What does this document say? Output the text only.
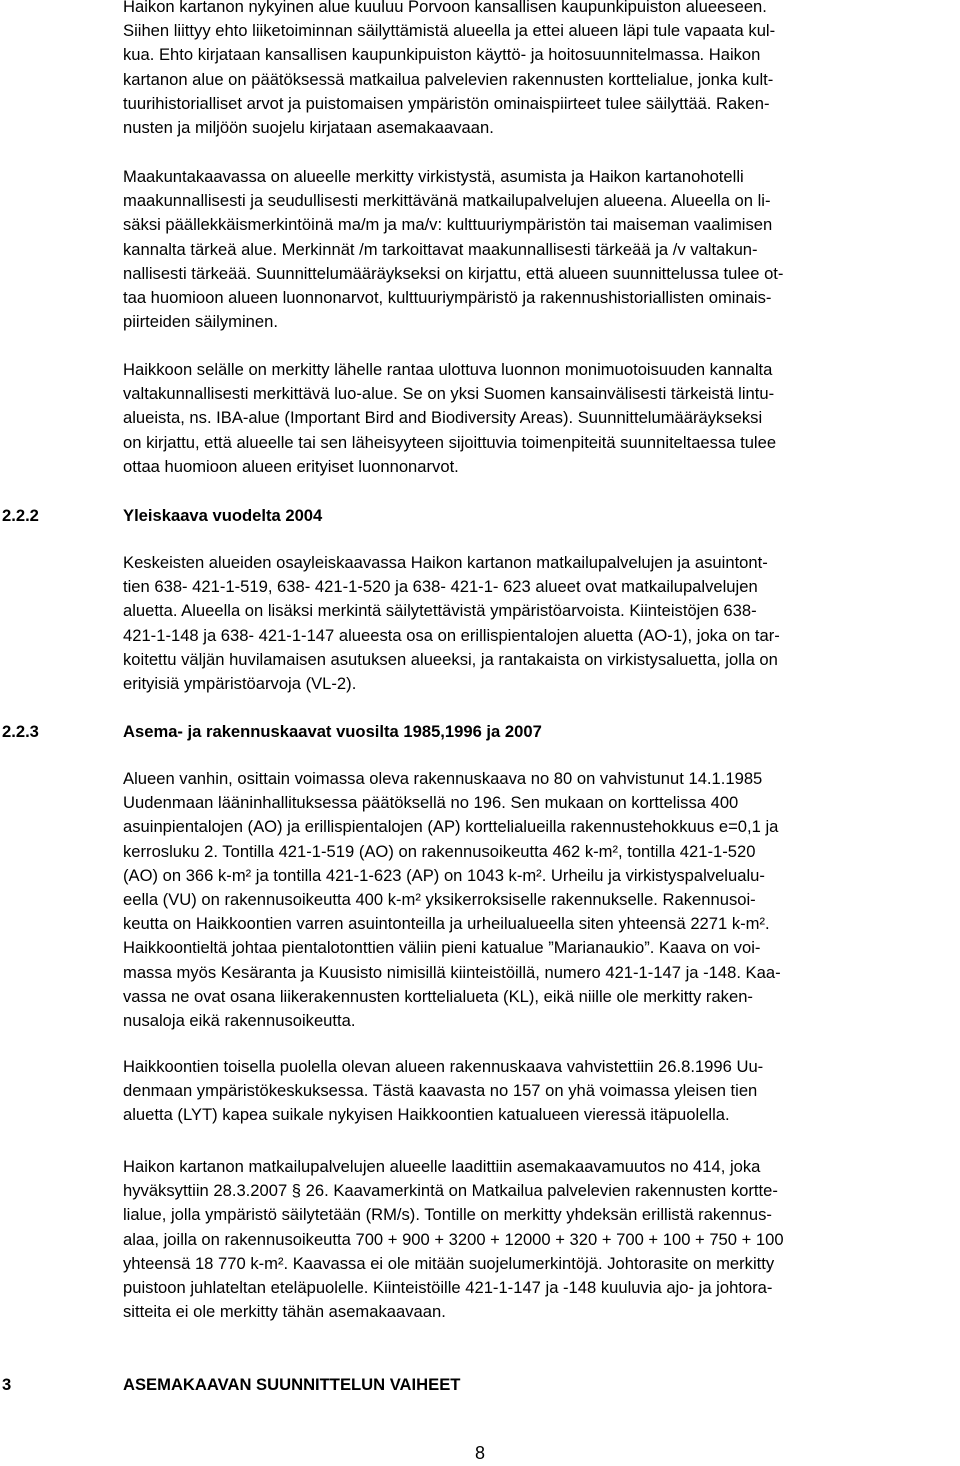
Haikon kartanon nykyinen alue kuuluu Porvoon kansallisen kaupunkipuiston alueeseen.
Siihen liittyy ehto liiketoiminnan säilyttämistä alueella ja ettei alueen läpi tule vapaata kul-
kua. Ehto kirjataan kansallisen kaupunkipuiston käyttö- ja hoitosuunnitelmassa. Haikon
kartanon alue on päätöksessä matkailua palvelevien rakennusten korttelialue, jonka kult-
tuurihistorialliset arvot ja puistomaisen ympäristön ominaispiirteet tulee säilyttää. Raken-
nusten ja miljöön suojelu kirjataan asemakaavaan.
Maakuntakaavassa on alueelle merkitty virkistystä, asumista ja Haikon kartanohotelli
maakunnallisesti ja seudullisesti merkittävänä matkailupalvelujen alueena. Alueella on li-
säksi päällekkäismerkintöinä ma/m ja ma/v: kulttuuriympäristön tai maiseman vaalimisen
kannalta tärkeä alue. Merkinnät /m tarkoittavat maakunnallisesti tärkeää ja /v valtakun-
nallisesti tärkeää. Suunnittelumääräykseksi on kirjattu, että alueen suunnittelussa tulee ot-
taa huomioon alueen luonnonarvot, kulttuuriympäristö ja rakennushistoriallisten ominais-
piirteiden säilyminen.
Haikkoon selälle on merkitty lähelle rantaa ulottuva luonnon monimuotoisuuden kannalta
valtakunnallisesti merkittävä luo-alue. Se on yksi Suomen kansainvälisesti tärkeistä lintu-
alueista, ns. IBA-alue (Important Bird and Biodiversity Areas). Suunnittelumääräykseksi
on kirjattu, että alueelle tai sen läheisyyteen sijoittuvia toimenpiteitä suunniteltaessa tulee
ottaa huomioon alueen erityiset luonnonarvot.
2.2.2	Yleiskaava vuodelta 2004
Keskeisten alueiden osayleiskaavassa Haikon kartanon matkailupalvelujen ja asuintont-
tien 638- 421-1-519, 638- 421-1-520 ja 638- 421-1- 623 alueet ovat matkailupalvelujen
aluetta. Alueella on lisäksi merkintä säilytettävistä ympäristöarvoista. Kiinteistöjen 638-
421-1-148 ja 638- 421-1-147 alueesta osa on erillispientalojen aluetta (AO-1), joka on tar-
koitettu väljän huvilamaisen asutuksen alueeksi, ja rantakaista on virkistysaluetta, jolla on
erityisiä ympäristöarvoja (VL-2).
2.2.3	Asema- ja rakennuskaavat vuosilta 1985,1996 ja 2007
Alueen vanhin, osittain voimassa oleva rakennuskaava no 80 on vahvistunut 14.1.1985
Uudenmaan lääninhallituksessa päätöksellä no 196. Sen mukaan on korttelissa 400
asuinpientalojen (AO) ja erillispientalojen (AP) korttelialueilla rakennustehokkuus e=0,1 ja
kerrosluku 2. Tontilla 421-1-519 (AO) on rakennusoikeutta 462 k-m², tontilla 421-1-520
(AO) on 366 k-m² ja tontilla 421-1-623 (AP) on 1043 k-m². Urheilu ja virkistyspalvelualu-
eella (VU) on rakennusoikeutta 400 k-m² yksikerroksiselle rakennukselle. Rakennusoi-
keutta on Haikkoontien varren asuintonteilla ja urheilualueella siten yhteensä 2271 k-m².
Haikkoontieltä johtaa pientalotonttien väliin pieni katualue ”Marianaukio”. Kaava on voi-
massa myös Kesäranta ja Kuusisto nimisillä kiinteistöillä, numero 421-1-147 ja -148. Kaa-
vassa ne ovat osana liikerakennusten korttelialueta (KL), eikä niille ole merkitty raken-
nusaloja eikä rakennusoikeutta.
Haikkoontien toisella puolella olevan alueen rakennuskaava vahvistettiin 26.8.1996 Uu-
denmaan ympäristökeskuksessa. Tästä kaavasta no 157 on yhä voimassa yleisen tien
aluetta (LYT) kapea suikale nykyisen Haikkoontien katualueen vieressä itäpuolella.
Haikon kartanon matkailupalvelujen alueelle laadittiin asemakaavamuutos no 414, joka
hyväksyttiin 28.3.2007 § 26. Kaavamerkintä on Matkailua palvelevien rakennusten kortte-
lialue, jolla ympäristö säilytetään (RM/s). Tontille on merkitty yhdeksän erillistä rakennus-
alaa, joilla on rakennusoikeutta 700 + 900 + 3200 + 12000 + 320 + 700 + 100 + 750 + 100
yhteensä 18 770 k-m². Kaavassa ei ole mitään suojelumerkintöjä. Johtorasite on merkitty
puistoon juhlateltan eteläpuolelle. Kiinteistöille 421-1-147 ja -148 kuuluvia ajo- ja johtora-
sitteita ei ole merkitty tähän asemakaavaan.
3	ASEMAKAAVAN SUUNNITTELUN VAIHEET
8
